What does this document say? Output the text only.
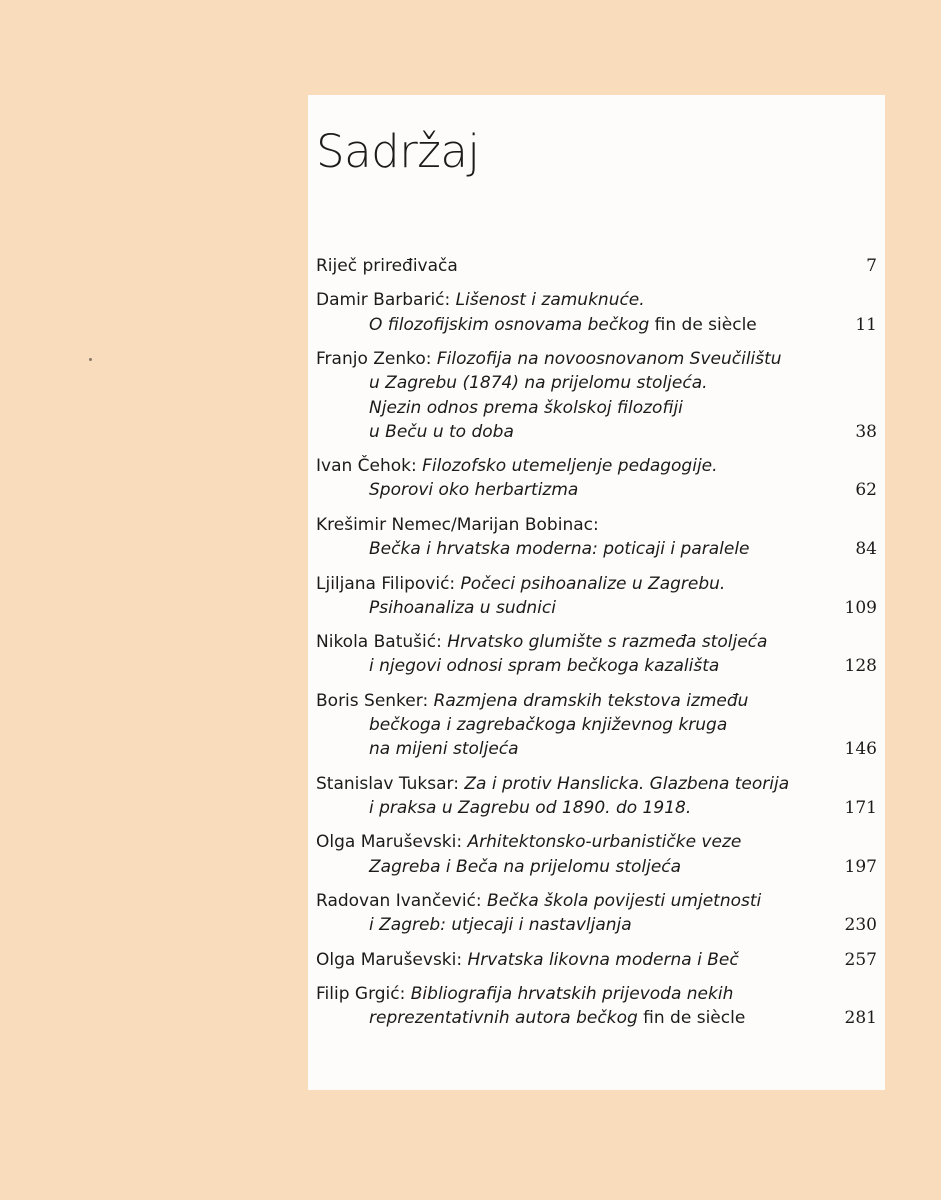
Sadržaj
Riječ priređivača	7
Damir Barbarić: Lišenost i zamuknuće.
O filozofijskim osnovama bečkog fin de siècle	11
Franjo Zenko: Filozofija na novoosnovanom Sveučilištu
u Zagrebu (1874) na prijelomu stoljeća.
Njezin odnos prema školskoj filozofiji
u Beču u to doba	38
Ivan Čehok: Filozofsko utemeljenje pedagogije.
Sporovi oko herbartizma	62
Krešimir Nemec/Marijan Bobinac:
Bečka i hrvatska moderna: poticaji i paralele	84
Ljiljana Filipović: Počeci psihoanalize u Zagrebu.
Psihoanaliza u sudnici	109
Nikola Batušić: Hrvatsko glumište s razmeđa stoljeća
i njegovi odnosi spram bečkoga kazališta	128
Boris Senker: Razmjena dramskih tekstova između
bečkoga i zagrebačkoga književnog kruga
na mijeni stoljeća	146
Stanislav Tuksar: Za i protiv Hanslicka. Glazbena teorija
i praksa u Zagrebu od 1890. do 1918.	171
Olga Maruševski: Arhitektonsko-urbanističke veze
Zagreba i Beča na prijelomu stoljeća	197
Radovan Ivančević: Bečka škola povijesti umjetnosti
i Zagreb: utjecaji i nastavljanja	230
Olga Maruševski: Hrvatska likovna moderna i Beč	257
Filip Grgić: Bibliografija hrvatskih prijevoda nekih
reprezentativnih autora bečkog fin de siècle	281
